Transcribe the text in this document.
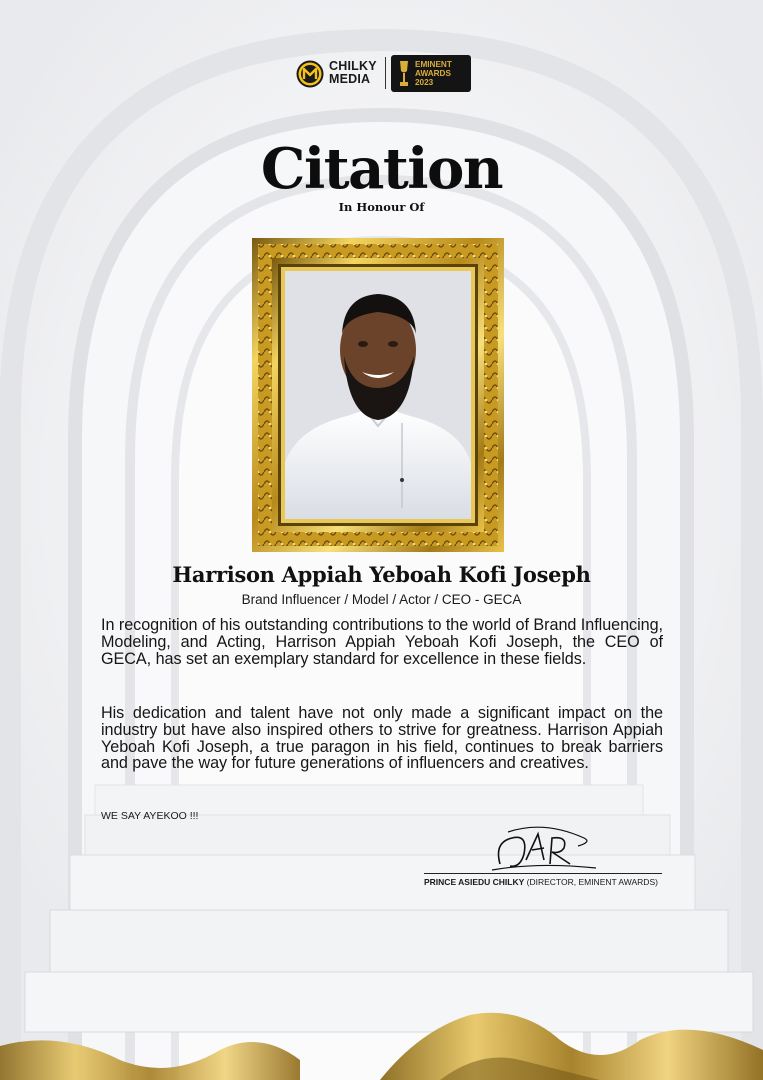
CHILKY
MEDIA
EMINENT
AWARDS
2023
Citation
In Honour Of
Harrison Appiah Yeboah Kofi Joseph
Brand Influencer / Model / Actor / CEO - GECA
In recognition of his outstanding contributions to the world of Brand Influencing, Modeling, and Acting, Harrison Appiah Yeboah Kofi Joseph, the CEO of GECA, has set an exemplary standard for excellence in these fields.
His dedication and talent have not only made a significant impact on the industry but have also inspired others to strive for greatness. Harrison Appiah Yeboah Kofi Joseph, a true paragon in his field, continues to break barriers and pave the way for future generations of influencers and creatives.
WE SAY AYEKOO !!!
PRINCE ASIEDU CHILKY (DIRECTOR, EMINENT AWARDS)
